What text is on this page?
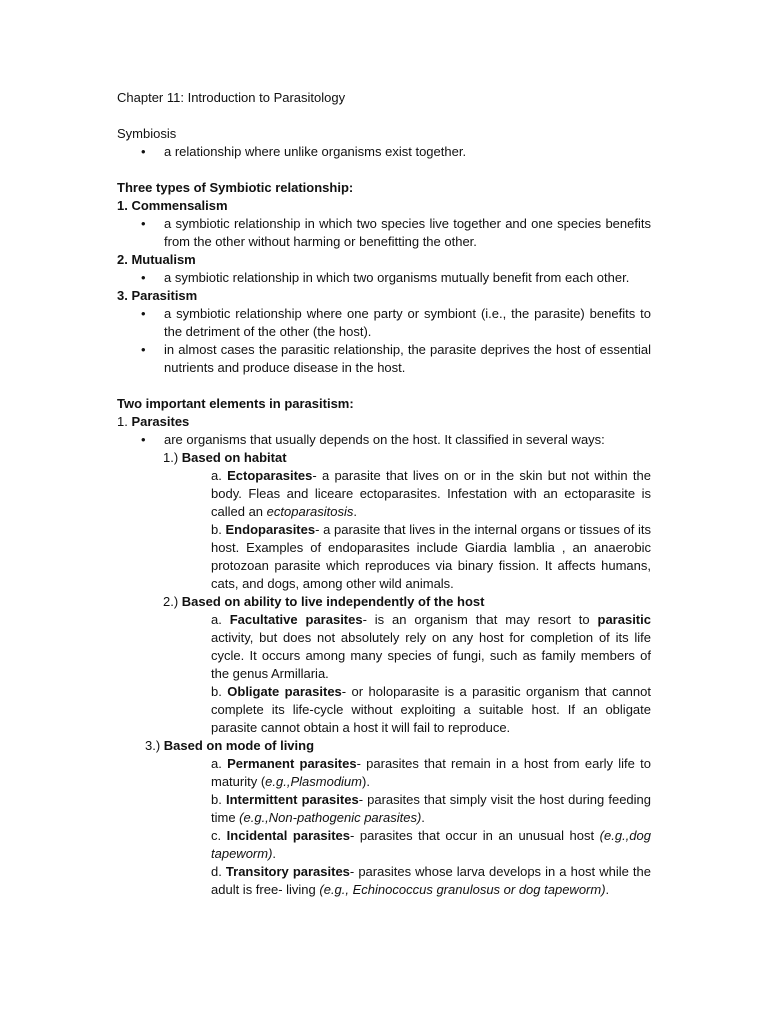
Chapter 11: Introduction to Parasitology

Symbiosis

• a relationship where unlike organisms exist together.

Three types of Symbiotic relationship:

1. Commensalism

• a symbiotic relationship in which two species live together and one species benefits from the other without harming or benefitting the other.

2. Mutualism

• a symbiotic relationship in which two organisms mutually benefit from each other.

3. Parasitism

• a symbiotic relationship where one party or symbiont (i.e., the parasite) benefits to the detriment of the other (the host).

• in almost cases the parasitic relationship, the parasite deprives the host of essential nutrients and produce disease in the host.

Two important elements in parasitism:

1. Parasites

• are organisms that usually depends on the host. It classified in several ways:

1.) Based on habitat

a. Ectoparasites- a parasite that lives on or in the skin but not within the body. Fleas and liceare ectoparasites. Infestation with an ectoparasite is called an ectoparasitosis.

b. Endoparasites- a parasite that lives in the internal organs or tissues of its host. Examples of endoparasites include Giardia lamblia , an anaerobic protozoan parasite which reproduces via binary fission. It affects humans, cats, and dogs, among other wild animals.

2.) Based on ability to live independently of the host

a. Facultative parasites- is an organism that may resort to parasitic activity, but does not absolutely rely on any host for completion of its life cycle. It occurs among many species of fungi, such as family members of the genus Armillaria.

b. Obligate parasites- or holoparasite is a parasitic organism that cannot complete its life-cycle without exploiting a suitable host. If an obligate parasite cannot obtain a host it will fail to reproduce.

3.) Based on mode of living

a. Permanent parasites- parasites that remain in a host from early life to maturity (e.g.,Plasmodium).

b. Intermittent parasites- parasites that simply visit the host during feeding time (e.g.,Non-pathogenic parasites).

c. Incidental parasites- parasites that occur in an unusual host (e.g.,dog tapeworm).

d. Transitory parasites- parasites whose larva develops in a host while the adult is free- living (e.g., Echinococcus granulosus or dog tapeworm).
